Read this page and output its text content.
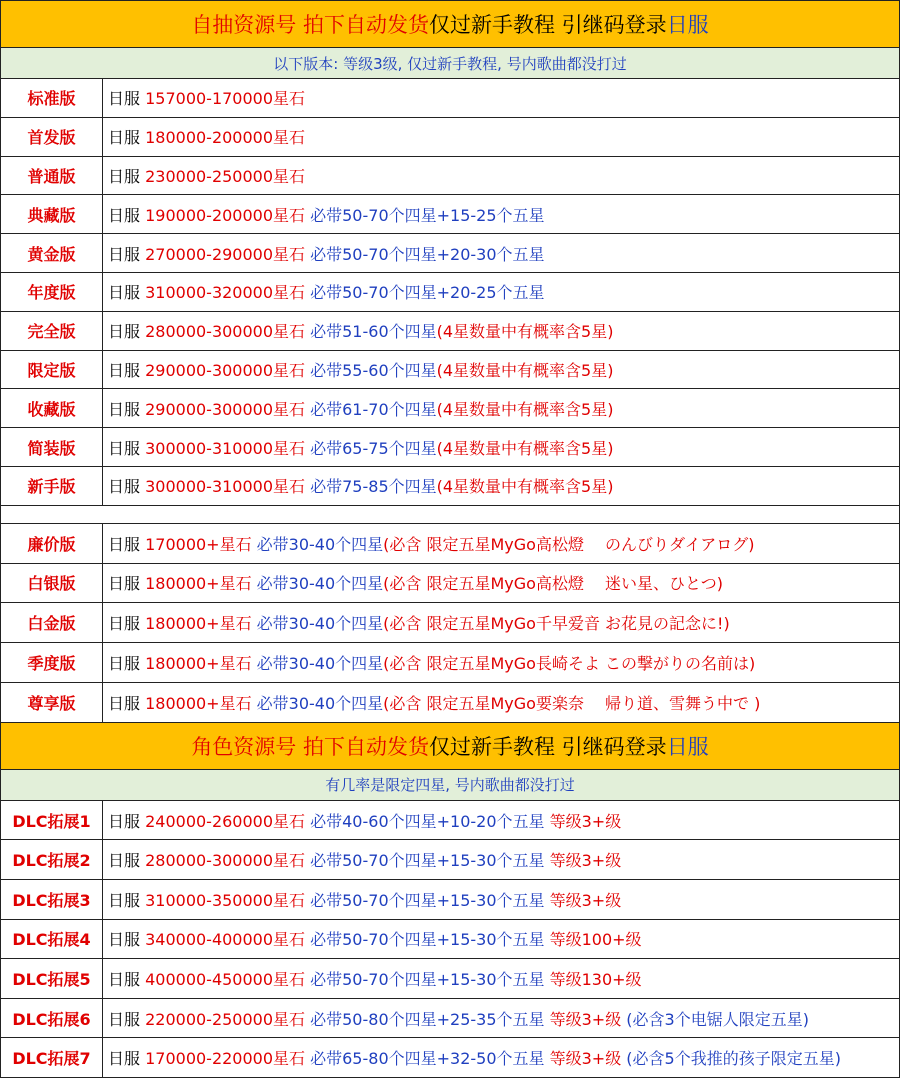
自抽资源号 拍下自动发货 仅过新手教程 引继码登录 日服
以下版本: 等级3级, 仅过新手教程, 号内歌曲都没打过
标准版	日服 157000-170000星石
首发版	日服 180000-200000星石
普通版	日服 230000-250000星石
典藏版	日服 190000-200000星石 必带50-70个四星+15-25个五星
黄金版	日服 270000-290000星石 必带50-70个四星+20-30个五星
年度版	日服 310000-320000星石 必带50-70个四星+20-25个五星
完全版	日服 280000-300000星石 必带51-60个四星(4星数量中有概率含5星)
限定版	日服 290000-300000星石 必带55-60个四星(4星数量中有概率含5星)
收藏版	日服 290000-300000星石 必带61-70个四星(4星数量中有概率含5星)
简装版	日服 300000-310000星石 必带65-75个四星(4星数量中有概率含5星)
新手版	日服 300000-310000星石 必带75-85个四星(4星数量中有概率含5星)
廉价版	日服 170000+星石 必带30-40个四星(必含 限定五星MyGo高松燈　 のんびりダイアログ)
白银版	日服 180000+星石 必带30-40个四星(必含 限定五星MyGo高松燈　 迷い星、ひとつ)
白金版	日服 180000+星石 必带30-40个四星(必含 限定五星MyGo千早爱音 お花見の記念に!)
季度版	日服 180000+星石 必带30-40个四星(必含 限定五星MyGo長崎そよ この撃がりの名前は)
尊享版	日服 180000+星石 必带30-40个四星(必含 限定五星MyGo要楽奈　 帰り道、雪舞う中で )
角色资源号 拍下自动发货 仅过新手教程 引继码登录 日服
有几率是限定四星, 号内歌曲都没打过
DLC拓展1	日服 240000-260000星石 必带40-60个四星+10-20个五星 等级3+级
DLC拓展2	日服 280000-300000星石 必带50-70个四星+15-30个五星 等级3+级
DLC拓展3	日服 310000-350000星石 必带50-70个四星+15-30个五星 等级3+级
DLC拓展4	日服 340000-400000星石 必带50-70个四星+15-30个五星 等级100+级
DLC拓展5	日服 400000-450000星石 必带50-70个四星+15-30个五星 等级130+级
DLC拓展6	日服 220000-250000星石 必带50-80个四星+25-35个五星 等级3+级 (必含3个电锯人限定五星)
DLC拓展7	日服 170000-220000星石 必带65-80个四星+32-50个五星 等级3+级 (必含5个我推的孩子限定五星)
